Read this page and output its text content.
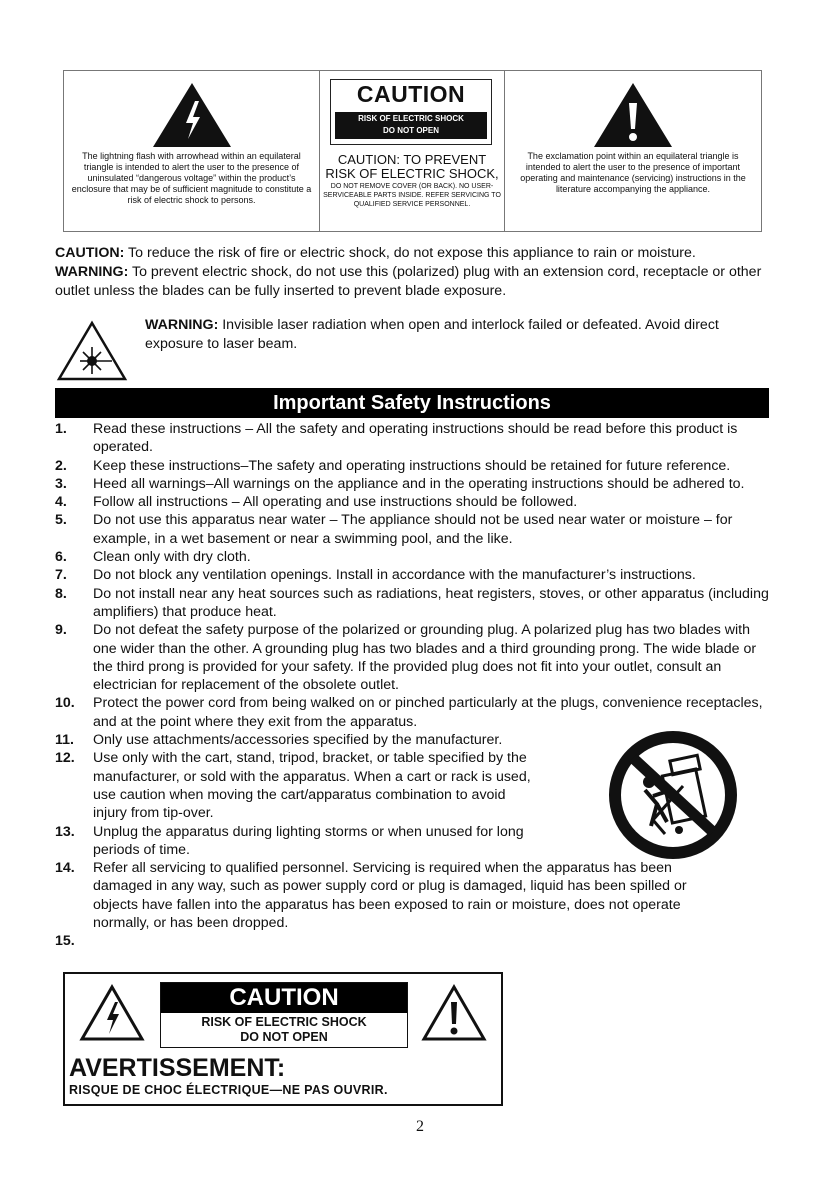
The lightning flash with arrowhead within an equilateral triangle is intended to alert the user to the presence of uninsulated “dangerous voltage” within the product’s enclosure that may be of sufficient magnitude to constitute a risk of electric shock to persons.
CAUTION
RISK OF ELECTRIC SHOCK
DO NOT OPEN
CAUTION: TO PREVENT
RISK OF ELECTRIC SHOCK,
DO NOT REMOVE COVER (OR BACK). NO USER-SERVICEABLE PARTS INSIDE. REFER SERVICING TO QUALIFIED SERVICE PERSONNEL.
The exclamation point within an equilateral triangle is intended to alert the user to the presence of important operating and maintenance (servicing) instructions in the literature accompanying the appliance.
CAUTION: To reduce the risk of fire or electric shock, do not expose this appliance to rain or moisture.
WARNING: To prevent electric shock, do not use this (polarized) plug with an extension cord, receptacle or other outlet unless the blades can be fully inserted to prevent blade exposure.
WARNING: Invisible laser radiation when open and interlock failed or defeated. Avoid direct exposure to laser beam.
Important Safety Instructions
1.	Read these instructions – All the safety and operating instructions should be read before this product is operated.
2.	Keep these instructions–The safety and operating instructions should be retained for future reference.
3.	Heed all warnings–All warnings on the appliance and in the operating instructions should be adhered to.
4.	Follow all instructions – All operating and use instructions should be followed.
5.	Do not use this apparatus near water – The appliance should not be used near water or moisture – for example, in a wet basement or near a swimming pool, and the like.
6.	Clean only with dry cloth.
7.	Do not block any ventilation openings. Install in accordance with the manufacturer’s instructions.
8.	Do not install near any heat sources such as radiations, heat registers, stoves, or other apparatus (including amplifiers) that produce heat.
9.	Do not defeat the safety purpose of the polarized or grounding plug. A polarized plug has two blades with one wider than the other. A grounding plug has two blades and a third grounding prong. The wide blade or the third prong is provided for your safety. If the provided plug does not fit into your outlet, consult an electrician for replacement of the obsolete outlet.
10.	Protect the power cord from being walked on or pinched particularly at the plugs, convenience receptacles, and at the point where they exit from the apparatus.
11.	Only use attachments/accessories specified by the manufacturer.
12.	Use only with the cart, stand, tripod, bracket, or table specified by the manufacturer, or sold with the apparatus. When a cart or rack is used, use caution when moving the cart/apparatus combination to avoid injury from tip-over.
13.	Unplug the apparatus during lighting storms or when unused for long periods of time.
14.	Refer all servicing to qualified personnel. Servicing is required when the apparatus has been damaged in any way, such as power supply cord or plug is damaged, liquid has been spilled or objects have fallen into the apparatus has been exposed to rain or moisture, does not operate normally, or has been dropped.
15.
CAUTION
RISK OF ELECTRIC SHOCK
DO NOT OPEN
AVERTISSEMENT:
RISQUE DE CHOC ÉLECTRIQUE—NE PAS OUVRIR.
2
